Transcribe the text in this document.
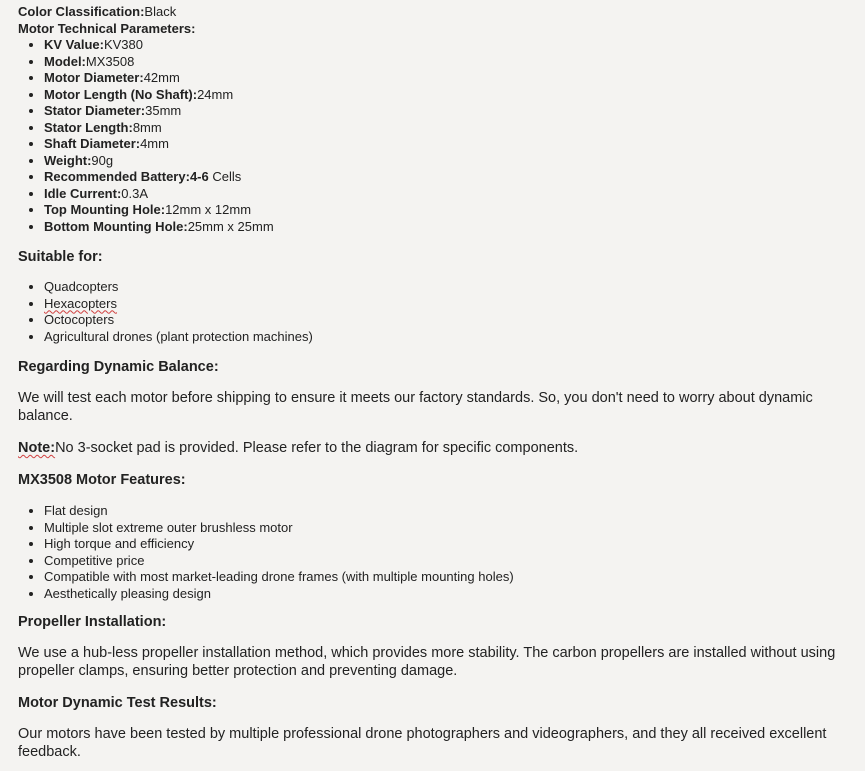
Color Classification:Black
Motor Technical Parameters:
• KV Value:KV380
• Model:MX3508
• Motor Diameter:42mm
• Motor Length (No Shaft):24mm
• Stator Diameter:35mm
• Stator Length:8mm
• Shaft Diameter:4mm
• Weight:90g
• Recommended Battery:4-6 Cells
• Idle Current:0.3A
• Top Mounting Hole:12mm x 12mm
• Bottom Mounting Hole:25mm x 25mm
Suitable for:
• Quadcopters
• Hexacopters
• Octocopters
• Agricultural drones (plant protection machines)
Regarding Dynamic Balance:

We will test each motor before shipping to ensure it meets our factory standards. So, you don't need to worry about dynamic balance.

Note:No 3-socket pad is provided. Please refer to the diagram for specific components.

MX3508 Motor Features:
• Flat design
• Multiple slot extreme outer brushless motor
• High torque and efficiency
• Competitive price
• Compatible with most market-leading drone frames (with multiple mounting holes)
• Aesthetically pleasing design
Propeller Installation:

We use a hub-less propeller installation method, which provides more stability. The carbon propellers are installed without using propeller clamps, ensuring better protection and preventing damage.

Motor Dynamic Test Results:

Our motors have been tested by multiple professional drone photographers and videographers, and they all received excellent feedback.
